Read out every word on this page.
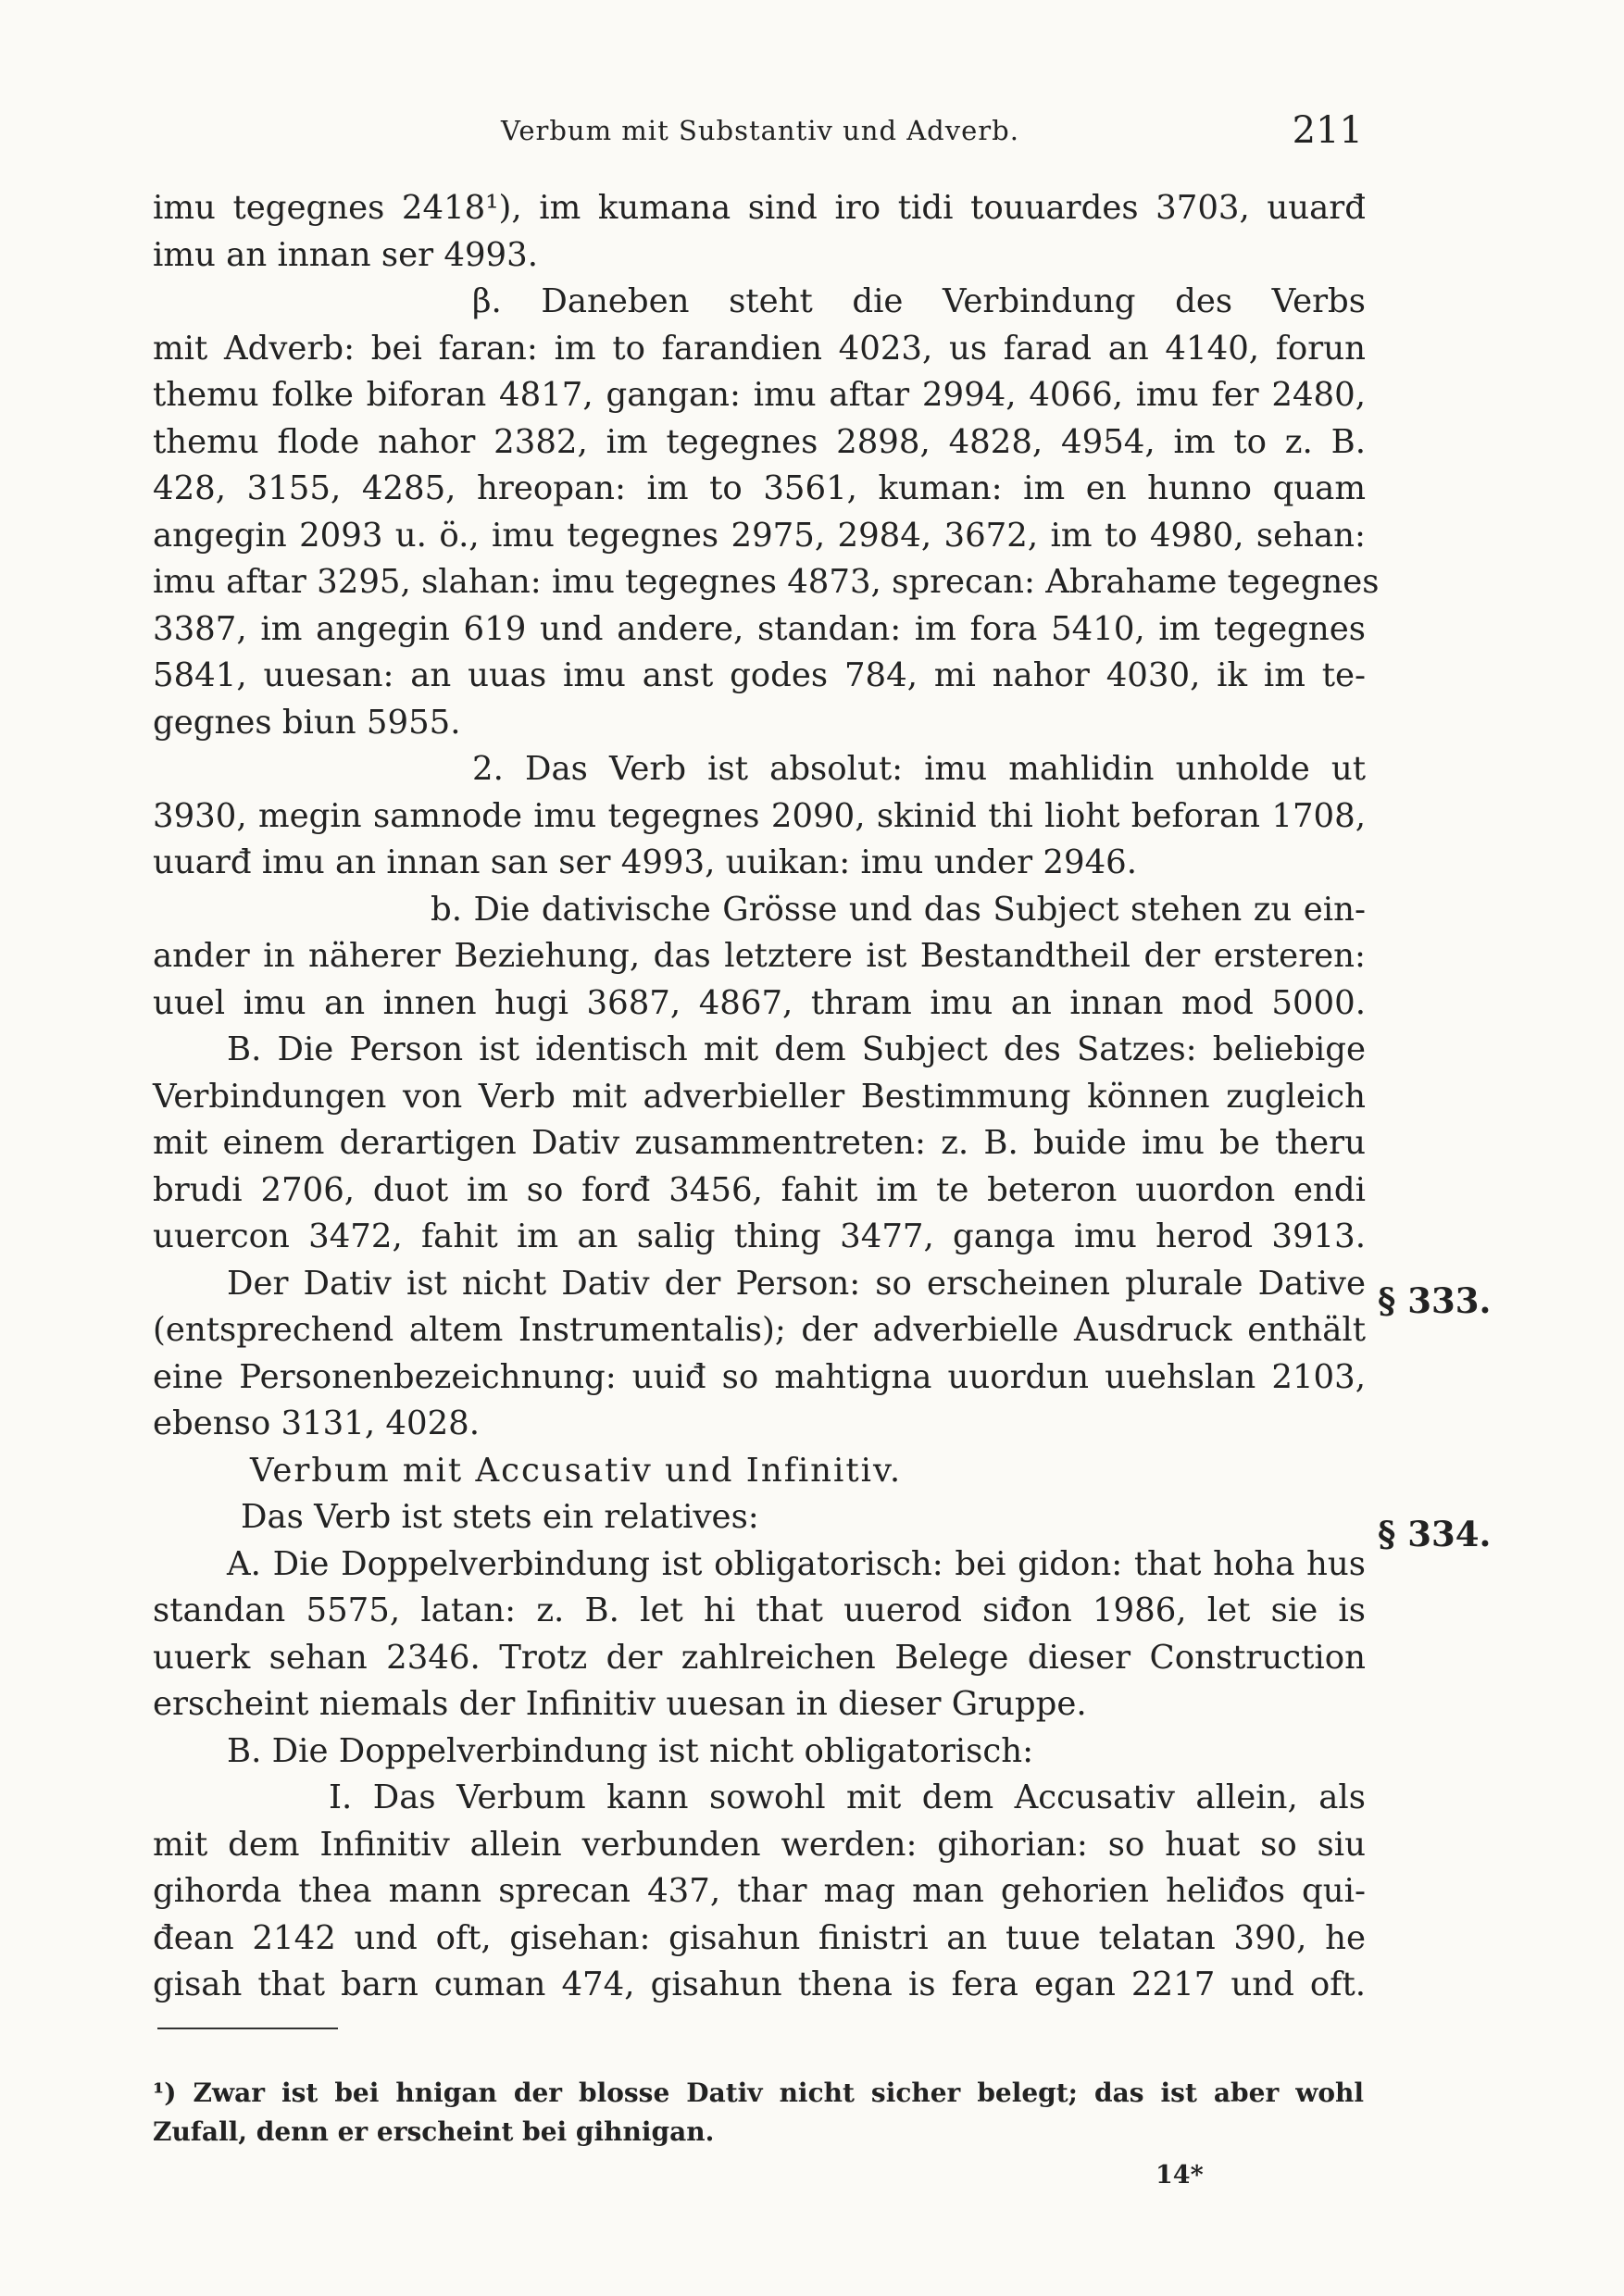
Verbum mit Substantiv und Adverb.	211
imu tegegnes 2418¹), im kumana sind iro tidi touuardes 3703, uuarđ
imu an innan ser 4993.
β. Daneben steht die Verbindung des Verbs
mit Adverb: bei faran: im to farandien 4023, us farad an 4140, forun
themu folke biforan 4817, gangan: imu aftar 2994, 4066, imu fer 2480,
themu flode nahor 2382, im tegegnes 2898, 4828, 4954, im to z. B.
428, 3155, 4285, hreopan: im to 3561, kuman: im en hunno quam
angegin 2093 u. ö., imu tegegnes 2975, 2984, 3672, im to 4980, sehan:
imu aftar 3295, slahan: imu tegegnes 4873, sprecan: Abrahame tegegnes
3387, im angegin 619 und andere, standan: im fora 5410, im tegegnes
5841, uuesan: an uuas imu anst godes 784, mi nahor 4030, ik im te-
gegnes biun 5955.
2. Das Verb ist absolut: imu mahlidin unholde ut
3930, megin samnode imu tegegnes 2090, skinid thi lioht beforan 1708,
uuarđ imu an innan san ser 4993, uuikan: imu under 2946.
b. Die dativische Grösse und das Subject stehen zu ein-
ander in näherer Beziehung, das letztere ist Bestandtheil der ersteren:
uuel imu an innen hugi 3687, 4867, thram imu an innan mod 5000.
B. Die Person ist identisch mit dem Subject des Satzes: beliebige
Verbindungen von Verb mit adverbieller Bestimmung können zugleich
mit einem derartigen Dativ zusammentreten: z. B. buide imu be theru
brudi 2706, duot im so forđ 3456, fahit im te beteron uuordon endi
uuercon 3472, fahit im an salig thing 3477, ganga imu herod 3913.
Der Dativ ist nicht Dativ der Person: so erscheinen plurale Dative
(entsprechend altem Instrumentalis); der adverbielle Ausdruck enthält
eine Personenbezeichnung: uuiđ so mahtigna uuordun uuehslan 2103,
ebenso 3131, 4028.
Verbum mit Accusativ und Infinitiv.
Das Verb ist stets ein relatives:
A. Die Doppelverbindung ist obligatorisch: bei gidon: that hoha hus
standan 5575, latan: z. B. let hi that uuerod siđon 1986, let sie is
uuerk sehan 2346. Trotz der zahlreichen Belege dieser Construction
erscheint niemals der Infinitiv uuesan in dieser Gruppe.
B. Die Doppelverbindung ist nicht obligatorisch:
I. Das Verbum kann sowohl mit dem Accusativ allein, als
mit dem Infinitiv allein verbunden werden: gihorian: so huat so siu
gihorda thea mann sprecan 437, thar mag man gehorien heliđos qui-
đean 2142 und oft, gisehan: gisahun finistri an tuue telatan 390, he
gisah that barn cuman 474, gisahun thena is fera egan 2217 und oft.
§ 333.
§ 334.
¹) Zwar ist bei hnigan der blosse Dativ nicht sicher belegt; das ist aber wohl
Zufall, denn er erscheint bei gihnigan.
14*
